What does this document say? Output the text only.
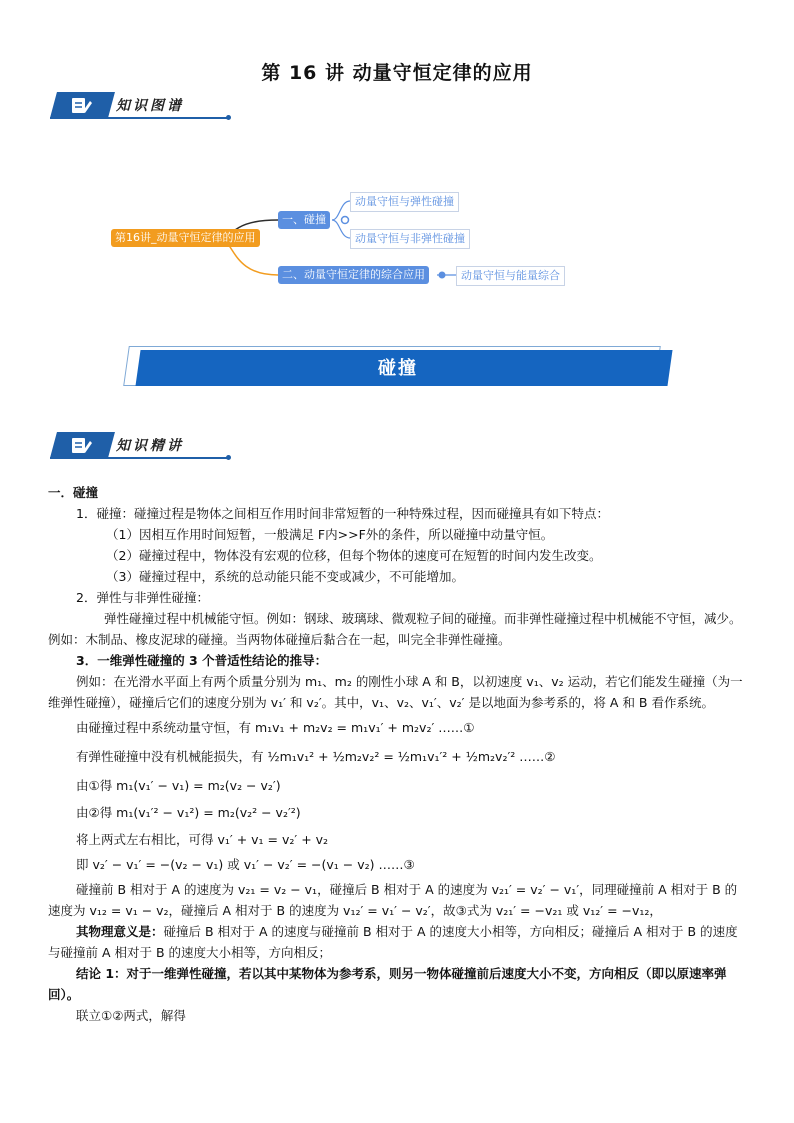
第 16 讲 动量守恒定律的应用
知识图谱
第16讲_动量守恒定律的应用
一、碰撞
二、动量守恒定律的综合应用
动量守恒与弹性碰撞
动量守恒与非弹性碰撞
动量守恒与能量综合
碰撞
知识精讲

一．碰撞

1．碰撞：碰撞过程是物体之间相互作用时间非常短暂的一种特殊过程，因而碰撞具有如下特点：

（1）因相互作用时间短暂，一般满足 F内>>F外的条件，所以碰撞中动量守恒。

（2）碰撞过程中，物体没有宏观的位移，但每个物体的速度可在短暂的时间内发生改变。

（3）碰撞过程中，系统的总动能只能不变或减少，不可能增加。

2．弹性与非弹性碰撞：

弹性碰撞过程中机械能守恒。例如：钢球、玻璃球、微观粒子间的碰撞。而非弹性碰撞过程中机械能不守恒，减少。例如：木制品、橡皮泥球的碰撞。当两物体碰撞后黏合在一起，叫完全非弹性碰撞。

3．一维弹性碰撞的 3 个普适性结论的推导：

例如：在光滑水平面上有两个质量分别为 m₁、m₂ 的刚性小球 A 和 B，以初速度 v₁、v₂ 运动，若它们能发生碰撞（为一维弹性碰撞），碰撞后它们的速度分别为 v₁′ 和 v₂′。其中，v₁、v₂、v₁′、v₂′ 是以地面为参考系的，将 A 和 B 看作系统。

由碰撞过程中系统动量守恒，有 m₁v₁ + m₂v₂ = m₁v₁′ + m₂v₂′ ……①

有弹性碰撞中没有机械能损失，有 ½m₁v₁² + ½m₂v₂² = ½m₁v₁′² + ½m₂v₂′² ……②

由①得 m₁(v₁′ − v₁) = m₂(v₂ − v₂′)

由②得 m₁(v₁′² − v₁²) = m₂(v₂² − v₂′²)

将上两式左右相比，可得 v₁′ + v₁ = v₂′ + v₂

即 v₂′ − v₁′ = −(v₂ − v₁) 或 v₁′ − v₂′ = −(v₁ − v₂) ……③

碰撞前 B 相对于 A 的速度为 v₂₁ = v₂ − v₁，碰撞后 B 相对于 A 的速度为 v₂₁′ = v₂′ − v₁′，同理碰撞前 A 相对于 B 的速度为 v₁₂ = v₁ − v₂，碰撞后 A 相对于 B 的速度为 v₁₂′ = v₁′ − v₂′，故③式为 v₂₁′ = −v₂₁ 或 v₁₂′ = −v₁₂，

其物理意义是：碰撞后 B 相对于 A 的速度与碰撞前 B 相对于 A 的速度大小相等，方向相反；碰撞后 A 相对于 B 的速度与碰撞前 A 相对于 B 的速度大小相等，方向相反；

结论 1：对于一维弹性碰撞，若以其中某物体为参考系，则另一物体碰撞前后速度大小不变，方向相反（即以原速率弹回）。

联立①②两式，解得
